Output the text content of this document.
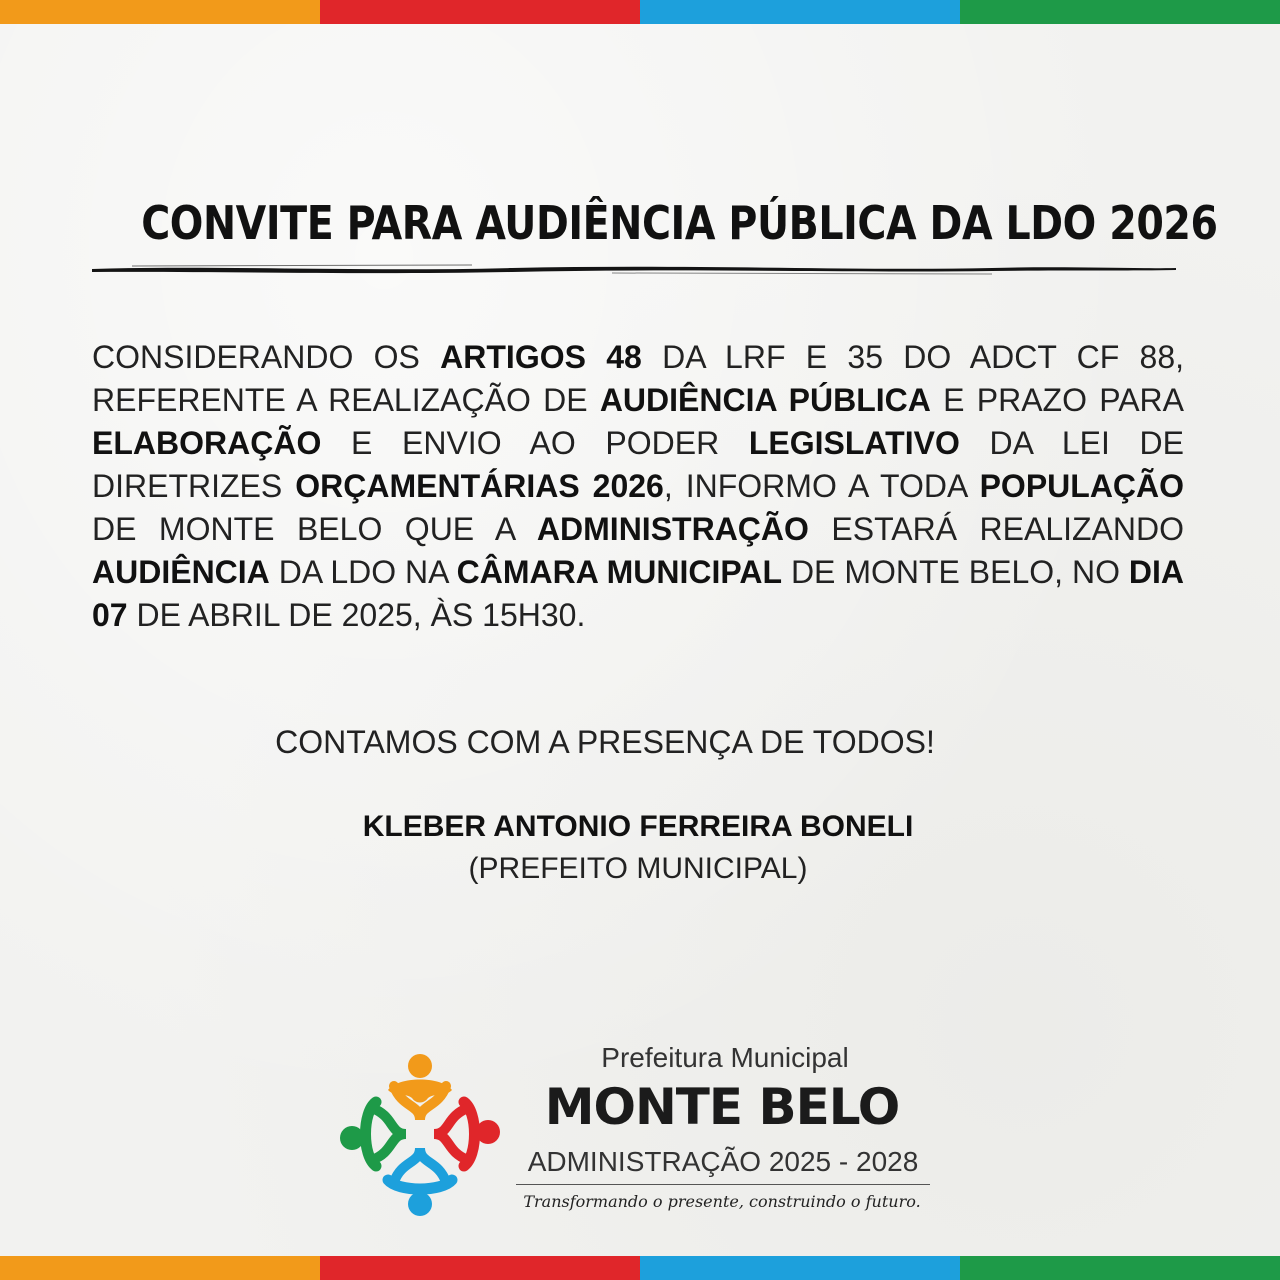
CONVITE PARA AUDIÊNCIA PÚBLICA DA LDO 2026
CONSIDERANDO OS ARTIGOS 48 DA LRF E 35 DO ADCT CF 88, REFERENTE A REALIZAÇÃO DE AUDIÊNCIA PÚBLICA E PRAZO PARA ELABORAÇÃO E ENVIO AO PODER LEGISLATIVO DA LEI DE DIRETRIZES ORÇAMENTÁRIAS 2026, INFORMO A TODA POPULAÇÃO DE MONTE BELO QUE A ADMINISTRAÇÃO ESTARÁ REALIZANDO AUDIÊNCIA DA LDO NA CÂMARA MUNICIPAL DE MONTE BELO, NO DIA 07 DE ABRIL DE 2025, ÀS 15H30.
CONTAMOS COM A PRESENÇA DE TODOS!
KLEBER ANTONIO FERREIRA BONELI
(PREFEITO MUNICIPAL)
Prefeitura Municipal
MONTE BELO
ADMINISTRAÇÃO 2025 - 2028
Transformando o presente, construindo o futuro.
